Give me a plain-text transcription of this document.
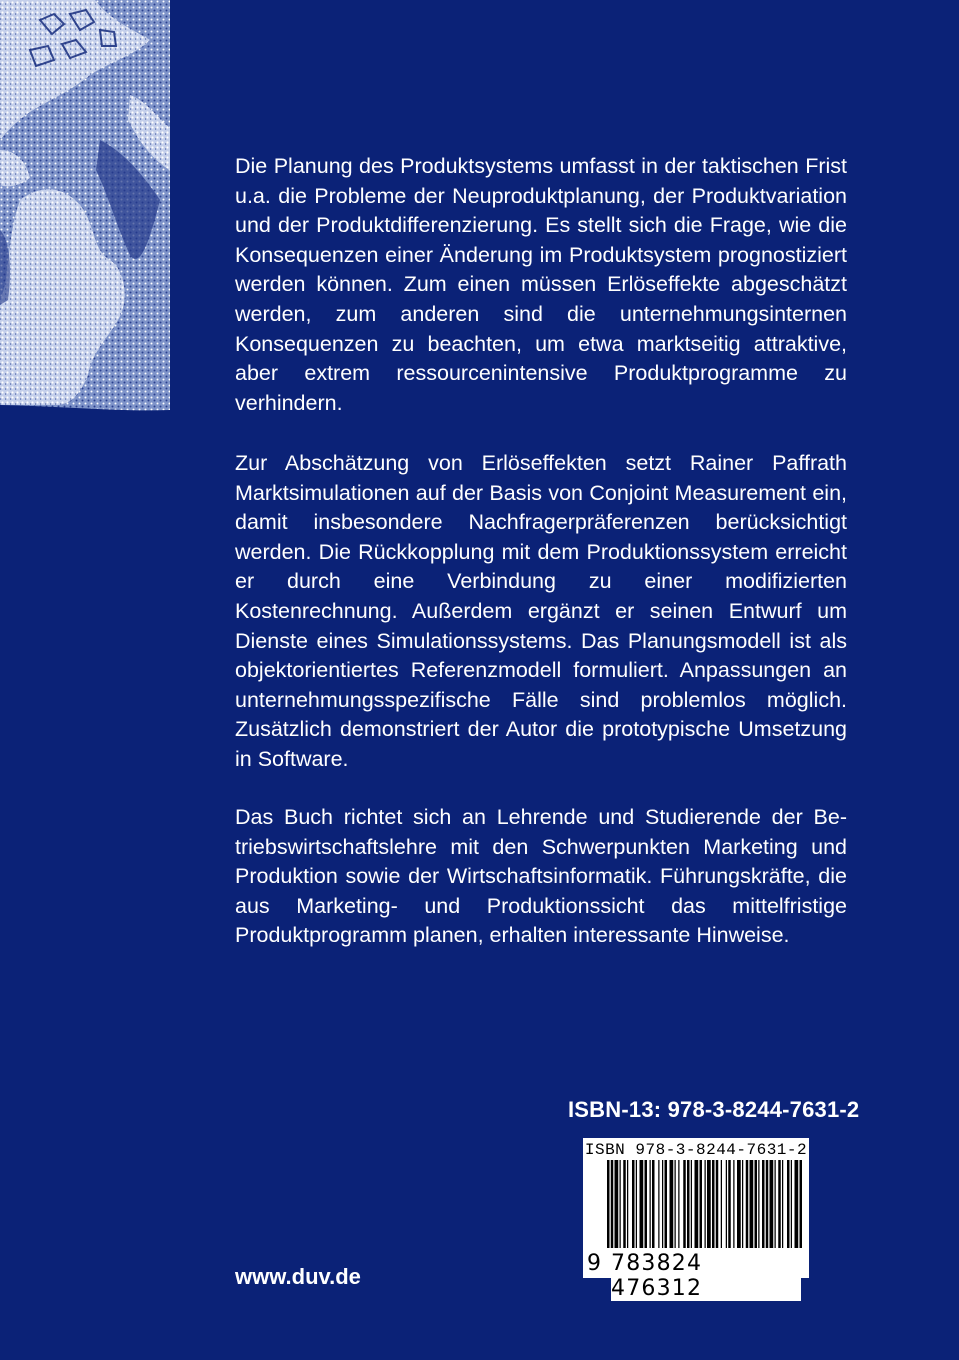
Die Planung des Produktsystems umfasst in der taktischen Frist u.a. die Probleme der Neuproduktplanung, der Produktvariation und der Produktdifferenzierung. Es stellt sich die Frage, wie die Konsequenzen einer Änderung im Produktsystem prognostiziert werden können. Zum einen müssen Erlöseffekte abgeschätzt werden, zum anderen sind die unternehmungsinternen Konsequenzen zu beachten, um etwa marktseitig attraktive, aber extrem ressourcenintensive Produktprogramme zu verhindern.

Zur Abschätzung von Erlöseffekten setzt Rainer Paffrath Marktsimulationen auf der Basis von Conjoint Measurement ein, damit insbesondere Nachfragerpräferenzen berücksichtigt werden. Die Rückkopplung mit dem Produktionssystem erreicht er durch eine Verbindung zu einer modifizierten Kostenrechnung. Außerdem ergänzt er seinen Entwurf um Dienste eines Simulationssystems. Das Planungsmodell ist als objektorientiertes Referenzmodell formuliert. Anpassungen an unternehmungsspezifische Fälle sind problemlos möglich. Zusätzlich demonstriert der Autor die prototypische Umsetzung in Software.

Das Buch richtet sich an Lehrende und Studierende der Betriebswirtschaftslehre mit den Schwerpunkten Marketing und Produktion sowie der Wirtschaftsinformatik. Führungskräfte, die aus Marketing- und Produktionssicht das mittelfristige Produktprogramm planen, erhalten interessante Hinweise.

ISBN-13: 978-3-8244-7631-2
ISBN 978-3-8244-7631-2
9 783824 476312
www.duv.de
